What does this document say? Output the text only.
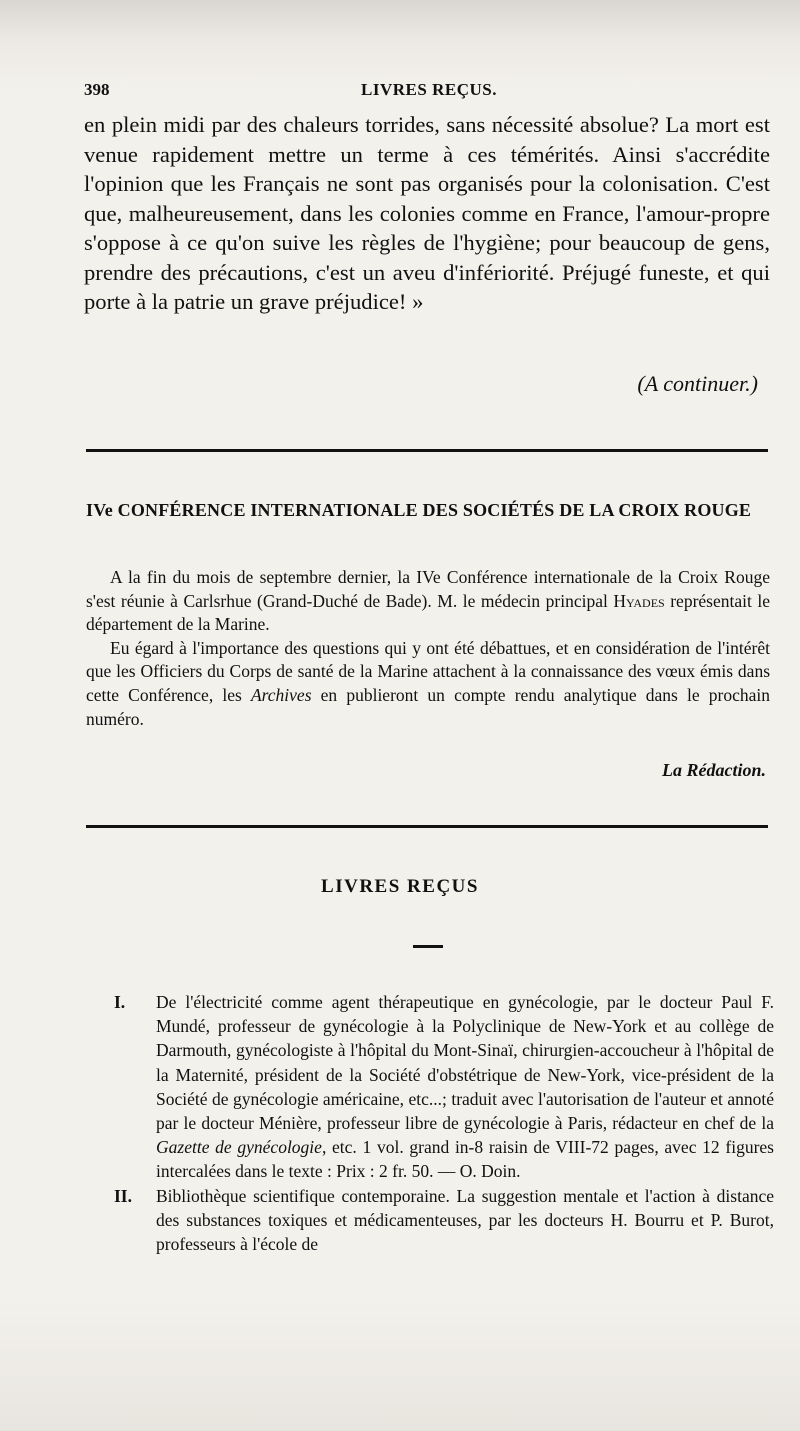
398	LIVRES REÇUS.

en plein midi par des chaleurs torrides, sans nécessité absolue? La mort est venue rapidement mettre un terme à ces témérités. Ainsi s'accrédite l'opinion que les Français ne sont pas organisés pour la colonisation. C'est que, malheureusement, dans les colonies comme en France, l'amour-propre s'oppose à ce qu'on suive les règles de l'hygiène; pour beaucoup de gens, prendre des précautions, c'est un aveu d'infériorité. Préjugé funeste, et qui porte à la patrie un grave préjudice! »

(A continuer.)
IVe CONFÉRENCE INTERNATIONALE DES SOCIÉTÉS DE LA CROIX ROUGE

A la fin du mois de septembre dernier, la IVe Conférence internationale de la Croix Rouge s'est réunie à Carlsrhue (Grand-Duché de Bade). M. le médecin principal Hyades représentait le département de la Marine.

Eu égard à l'importance des questions qui y ont été débattues, et en considération de l'intérêt que les Officiers du Corps de santé de la Marine attachent à la connaissance des vœux émis dans cette Conférence, les Archives en publieront un compte rendu analytique dans le prochain numéro.

La Rédaction.
LIVRES REÇUS
I. De l'électricité comme agent thérapeutique en gynécologie, par le docteur Paul F. Mundé, professeur de gynécologie à la Polyclinique de New-York et au collège de Darmouth, gynécologiste à l'hôpital du Mont-Sinaï, chirurgien-accoucheur à l'hôpital de la Maternité, président de la Société d'obstétrique de New-York, vice-président de la Société de gynécologie américaine, etc...; traduit avec l'autorisation de l'auteur et annoté par le docteur Ménière, professeur libre de gynécologie à Paris, rédacteur en chef de la Gazette de gynécologie, etc. 1 vol. grand in-8 raisin de VIII-72 pages, avec 12 figures intercalées dans le texte : Prix : 2 fr. 50. — O. Doin.
II. Bibliothèque scientifique contemporaine. La suggestion mentale et l'action à distance des substances toxiques et médicamenteuses, par les docteurs H. Bourru et P. Burot, professeurs à l'école de
